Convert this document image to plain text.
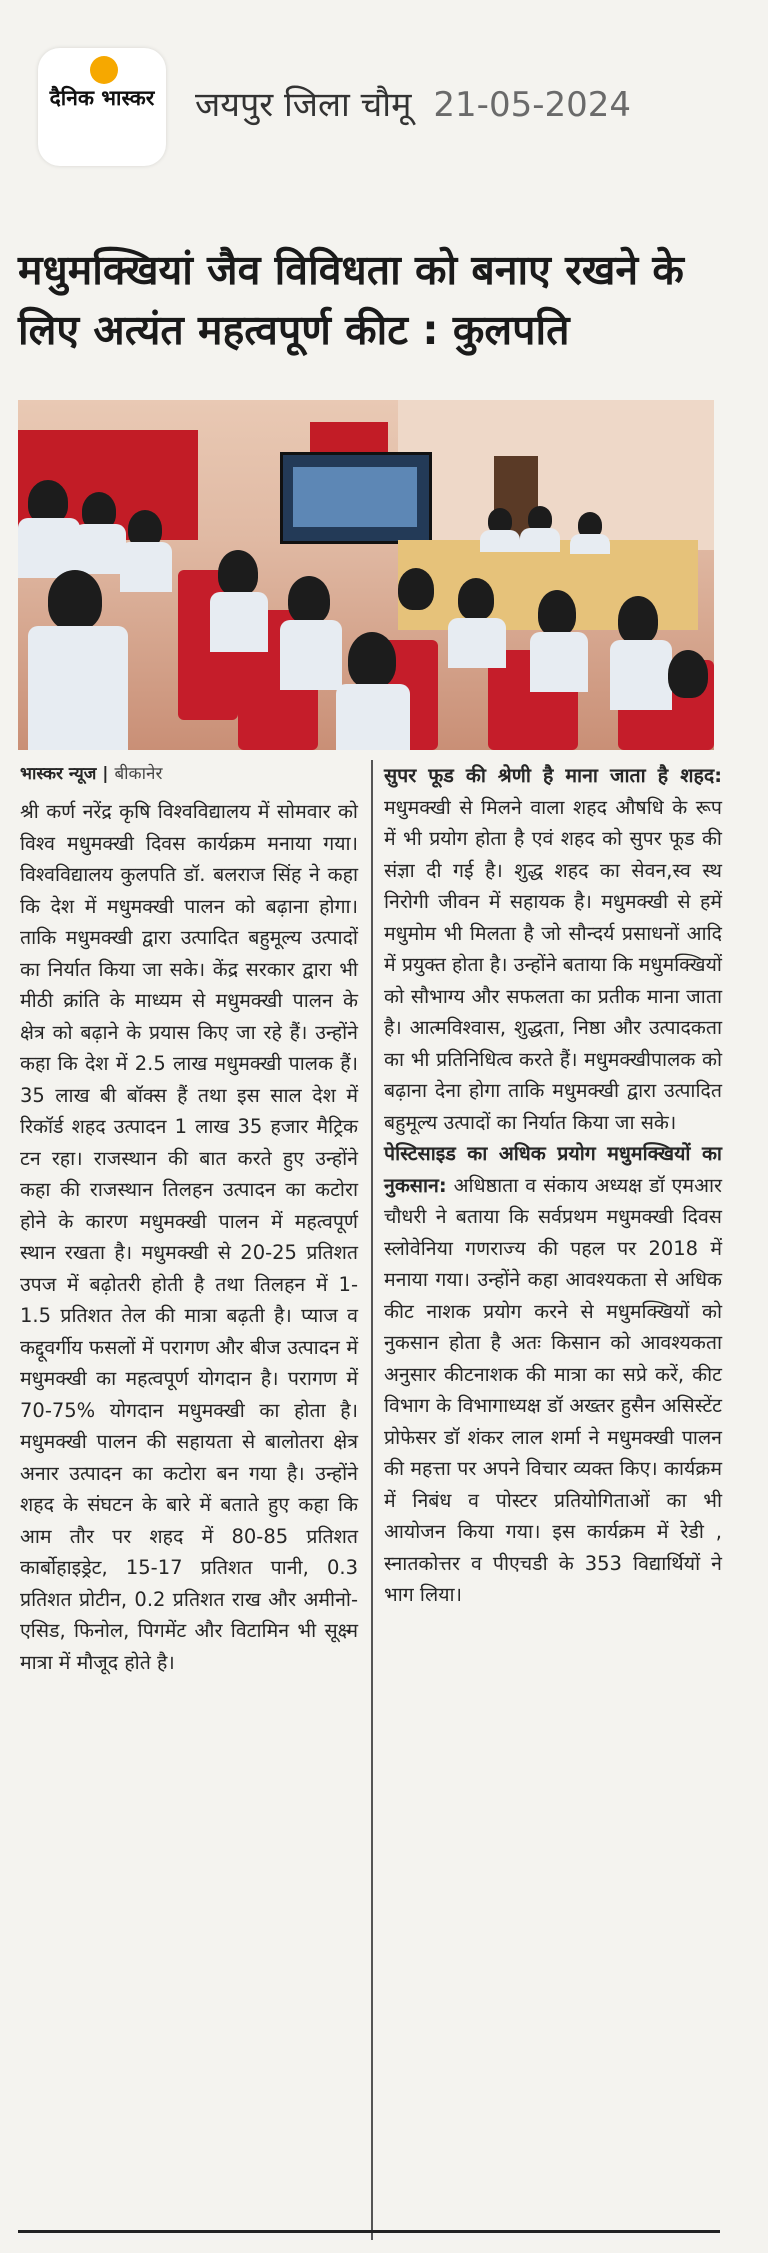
दैनिक भास्कर	जयपुर जिला चौमू 21-05-2024
मधुमक्खियां जैव विविधता को बनाए रखने के लिए अत्यंत महत्वपूर्ण कीट : कुलपति
भास्कर न्यूज | बीकानेर

श्री कर्ण नरेंद्र कृषि विश्वविद्यालय में सोमवार को विश्व मधुमक्खी दिवस कार्यक्रम मनाया गया। विश्वविद्यालय कुलपति डॉ. बलराज सिंह ने कहा कि देश में मधुमक्खी पालन को बढ़ाना होगा। ताकि मधुमक्खी द्वारा उत्पादित बहुमूल्य उत्पादों का निर्यात किया जा सके। केंद्र सरकार द्वारा भी मीठी क्रांति के माध्यम से मधुमक्खी पालन के क्षेत्र को बढ़ाने के प्रयास किए जा रहे हैं। उन्होंने कहा कि देश में 2.5 लाख मधुमक्खी पालक हैं। 35 लाख बी बॉक्स हैं तथा इस साल देश में रिकॉर्ड शहद उत्पादन 1 लाख 35 हजार मैट्रिक टन रहा। राजस्थान की बात करते हुए उन्होंने कहा की राजस्थान तिलहन उत्पादन का कटोरा होने के कारण मधुमक्खी पालन में महत्वपूर्ण स्थान रखता है। मधुमक्खी से 20-25 प्रतिशत उपज में बढ़ोतरी होती है तथा तिलहन में 1- 1.5 प्रतिशत तेल की मात्रा बढ़ती है। प्याज व कद्दूवर्गीय फसलों में परागण और बीज उत्पादन में मधुमक्खी का महत्वपूर्ण योगदान है। परागण में 70-75% योगदान मधुमक्खी का होता है। मधुमक्खी पालन की सहायता से बालोतरा क्षेत्र अनार उत्पादन का कटोरा बन गया है। उन्होंने शहद के संघटन के बारे में बताते हुए कहा कि आम तौर पर शहद में 80-85 प्रतिशत कार्बोहाइड्रेट, 15-17 प्रतिशत पानी, 0.3 प्रतिशत प्रोटीन, 0.2 प्रतिशत राख और अमीनो-एसिड, फिनोल, पिगमेंट और विटामिन भी सूक्ष्म मात्रा में मौजूद होते है।

सुपर फूड की श्रेणी है माना जाता है शहद: मधुमक्खी से मिलने वाला शहद औषधि के रूप में भी प्रयोग होता है एवं शहद को सुपर फूड की संज्ञा दी गई है। शुद्ध शहद का सेवन,स्व स्थ निरोगी जीवन में सहायक है। मधुमक्खी से हमें मधुमोम भी मिलता है जो सौन्दर्य प्रसाधनों आदि में प्रयुक्त होता है। उन्होंने बताया कि मधुमक्खियों को सौभाग्य और सफलता का प्रतीक माना जाता है। आत्मविश्वास, शुद्धता, निष्ठा और उत्पादकता का भी प्रतिनिधित्व करते हैं। मधुमक्खीपालक को बढ़ाना देना होगा ताकि मधुमक्खी द्वारा उत्पादित बहुमूल्य उत्पादों का निर्यात किया जा सके।

पेस्टिसाइड का अधिक प्रयोग मधुमक्खियों का नुकसान: अधिष्ठाता व संकाय अध्यक्ष डॉ एमआर चौधरी ने बताया कि सर्वप्रथम मधुमक्खी दिवस स्लोवेनिया गणराज्य की पहल पर 2018 में मनाया गया। उन्होंने कहा आवश्यकता से अधिक कीट नाशक प्रयोग करने से मधुमक्खियों को नुकसान होता है अतः किसान को आवश्यकता अनुसार कीटनाशक की मात्रा का सप्रे करें, कीट विभाग के विभागाध्यक्ष डॉ अख्तर हुसैन असिस्टेंट प्रोफेसर डॉ शंकर लाल शर्मा ने मधुमक्खी पालन की महत्ता पर अपने विचार व्यक्त किए। कार्यक्रम में निबंध व पोस्टर प्रतियोगिताओं का भी आयोजन किया गया। इस कार्यक्रम में रेडी , स्नातकोत्तर व पीएचडी के 353 विद्यार्थियों ने भाग लिया।
